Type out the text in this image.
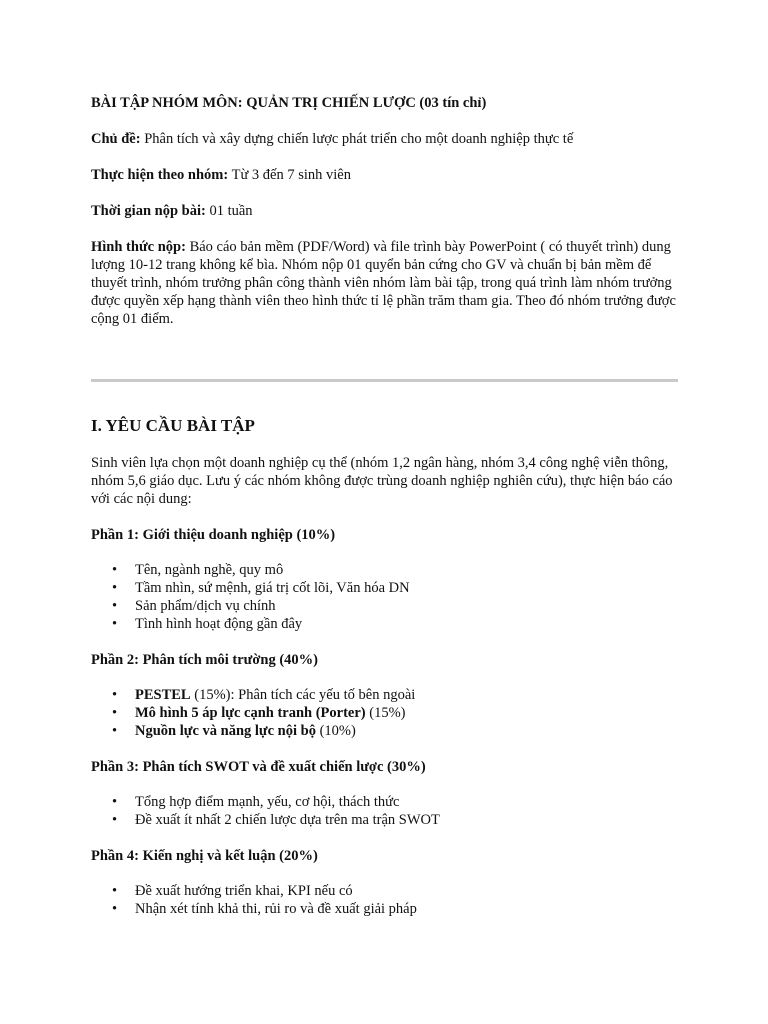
BÀI TẬP NHÓM MÔN: QUẢN TRỊ CHIẾN LƯỢC (03 tín chỉ)

Chủ đề: Phân tích và xây dựng chiến lược phát triển cho một doanh nghiệp thực tế

Thực hiện theo nhóm: Từ 3 đến 7 sinh viên

Thời gian nộp bài: 01 tuần

Hình thức nộp: Báo cáo bản mềm (PDF/Word) và file trình bày PowerPoint ( có thuyết trình) dung lượng 10-12 trang không kể bìa. Nhóm nộp 01 quyển bản cứng cho GV và chuẩn bị bản mềm để thuyết trình, nhóm trưởng phân công thành viên nhóm làm bài tập, trong quá trình làm nhóm trưởng được quyền xếp hạng thành viên theo hình thức tỉ lệ phần trăm tham gia. Theo đó nhóm trưởng được cộng 01 điểm.

I. YÊU CẦU BÀI TẬP

Sinh viên lựa chọn một doanh nghiệp cụ thể (nhóm 1,2 ngân hàng, nhóm 3,4 công nghệ viễn thông, nhóm 5,6 giáo dục. Lưu ý các nhóm không được trùng doanh nghiệp nghiên cứu), thực hiện báo cáo với các nội dung:

Phần 1: Giới thiệu doanh nghiệp (10%)

• Tên, ngành nghề, quy mô
• Tầm nhìn, sứ mệnh, giá trị cốt lõi, Văn hóa DN
• Sản phẩm/dịch vụ chính
• Tình hình hoạt động gần đây

Phần 2: Phân tích môi trường (40%)

• PESTEL (15%): Phân tích các yếu tố bên ngoài
• Mô hình 5 áp lực cạnh tranh (Porter) (15%)
• Nguồn lực và năng lực nội bộ (10%)

Phần 3: Phân tích SWOT và đề xuất chiến lược (30%)

• Tổng hợp điểm mạnh, yếu, cơ hội, thách thức
• Đề xuất ít nhất 2 chiến lược dựa trên ma trận SWOT

Phần 4: Kiến nghị và kết luận (20%)

• Đề xuất hướng triển khai, KPI nếu có
• Nhận xét tính khả thi, rủi ro và đề xuất giải pháp
